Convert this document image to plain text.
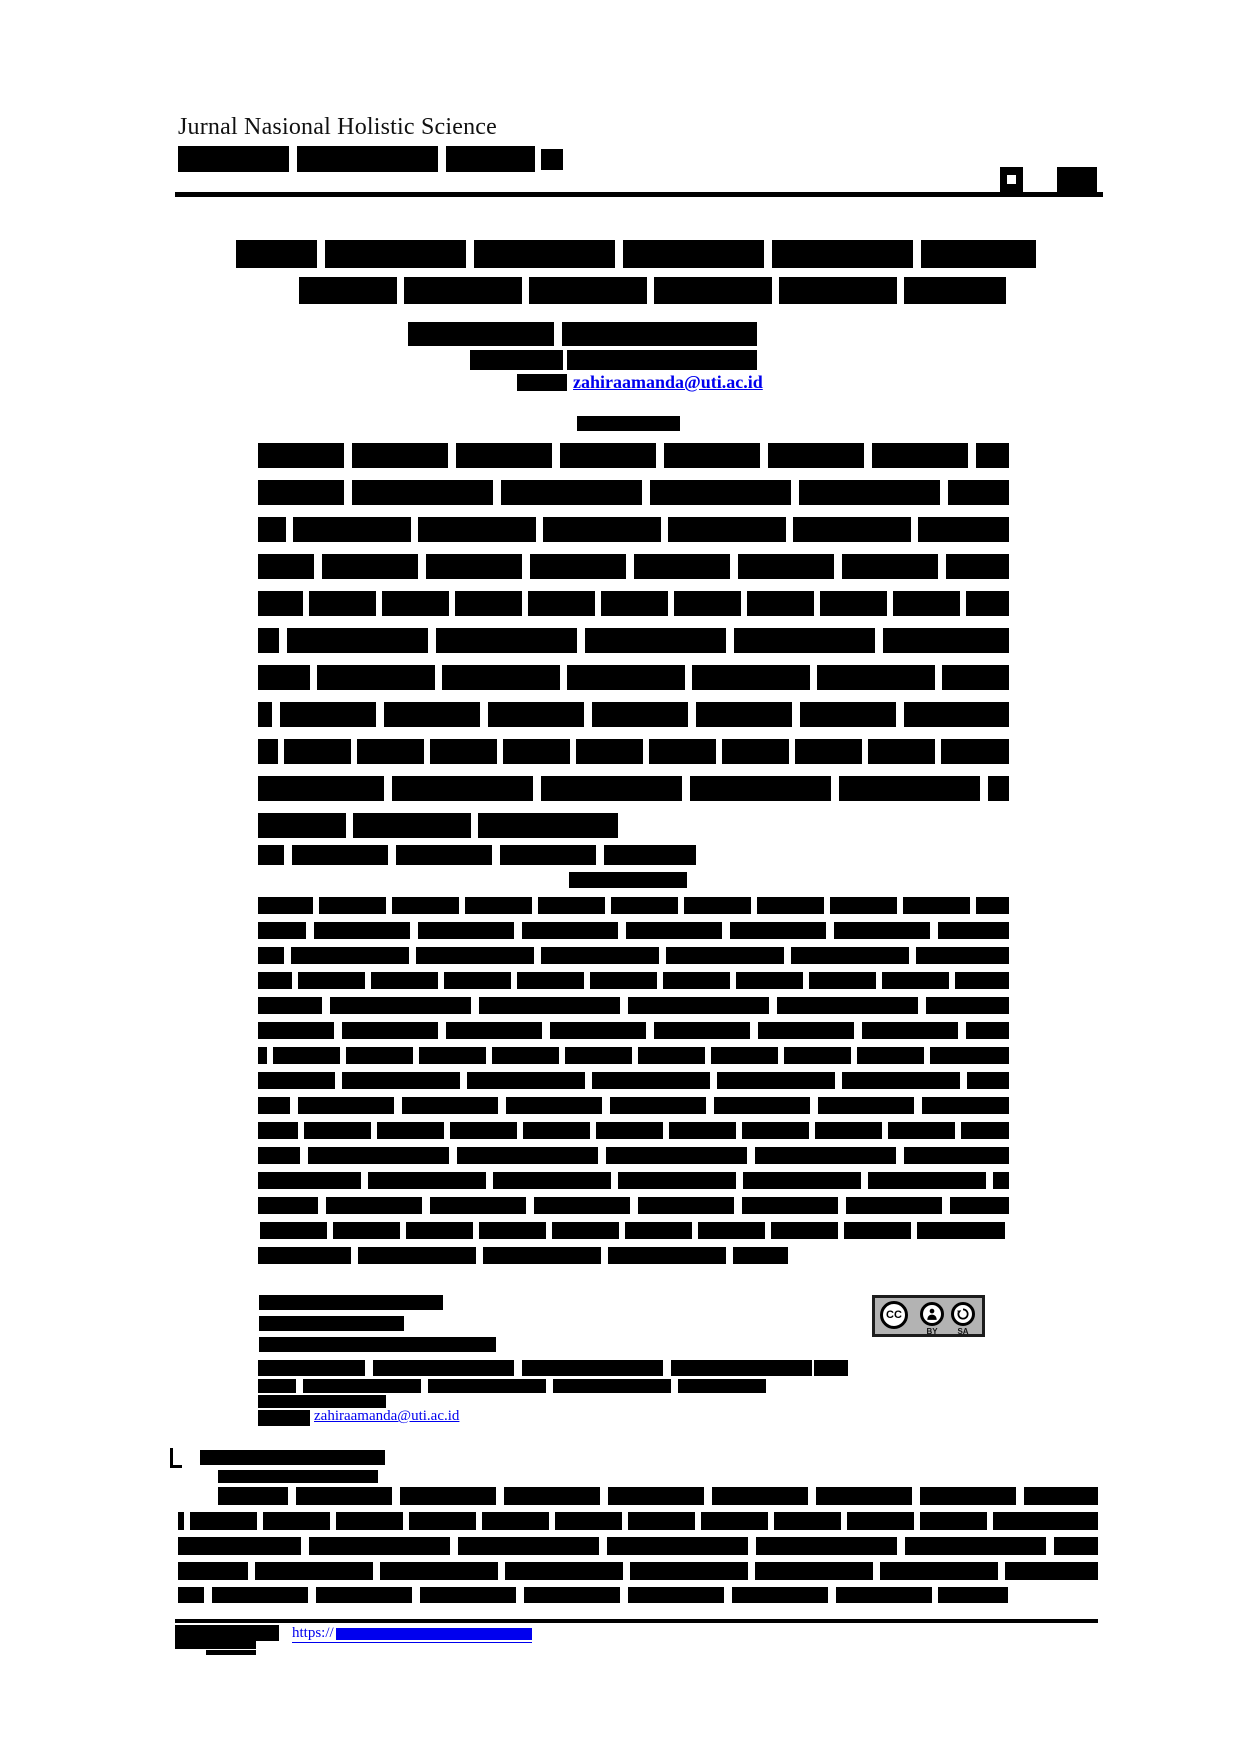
Jurnal Nasional Holistic Science
zahiraamanda@uti.ac.id
CC
BY	SA
zahiraamanda@uti.ac.id
https://
